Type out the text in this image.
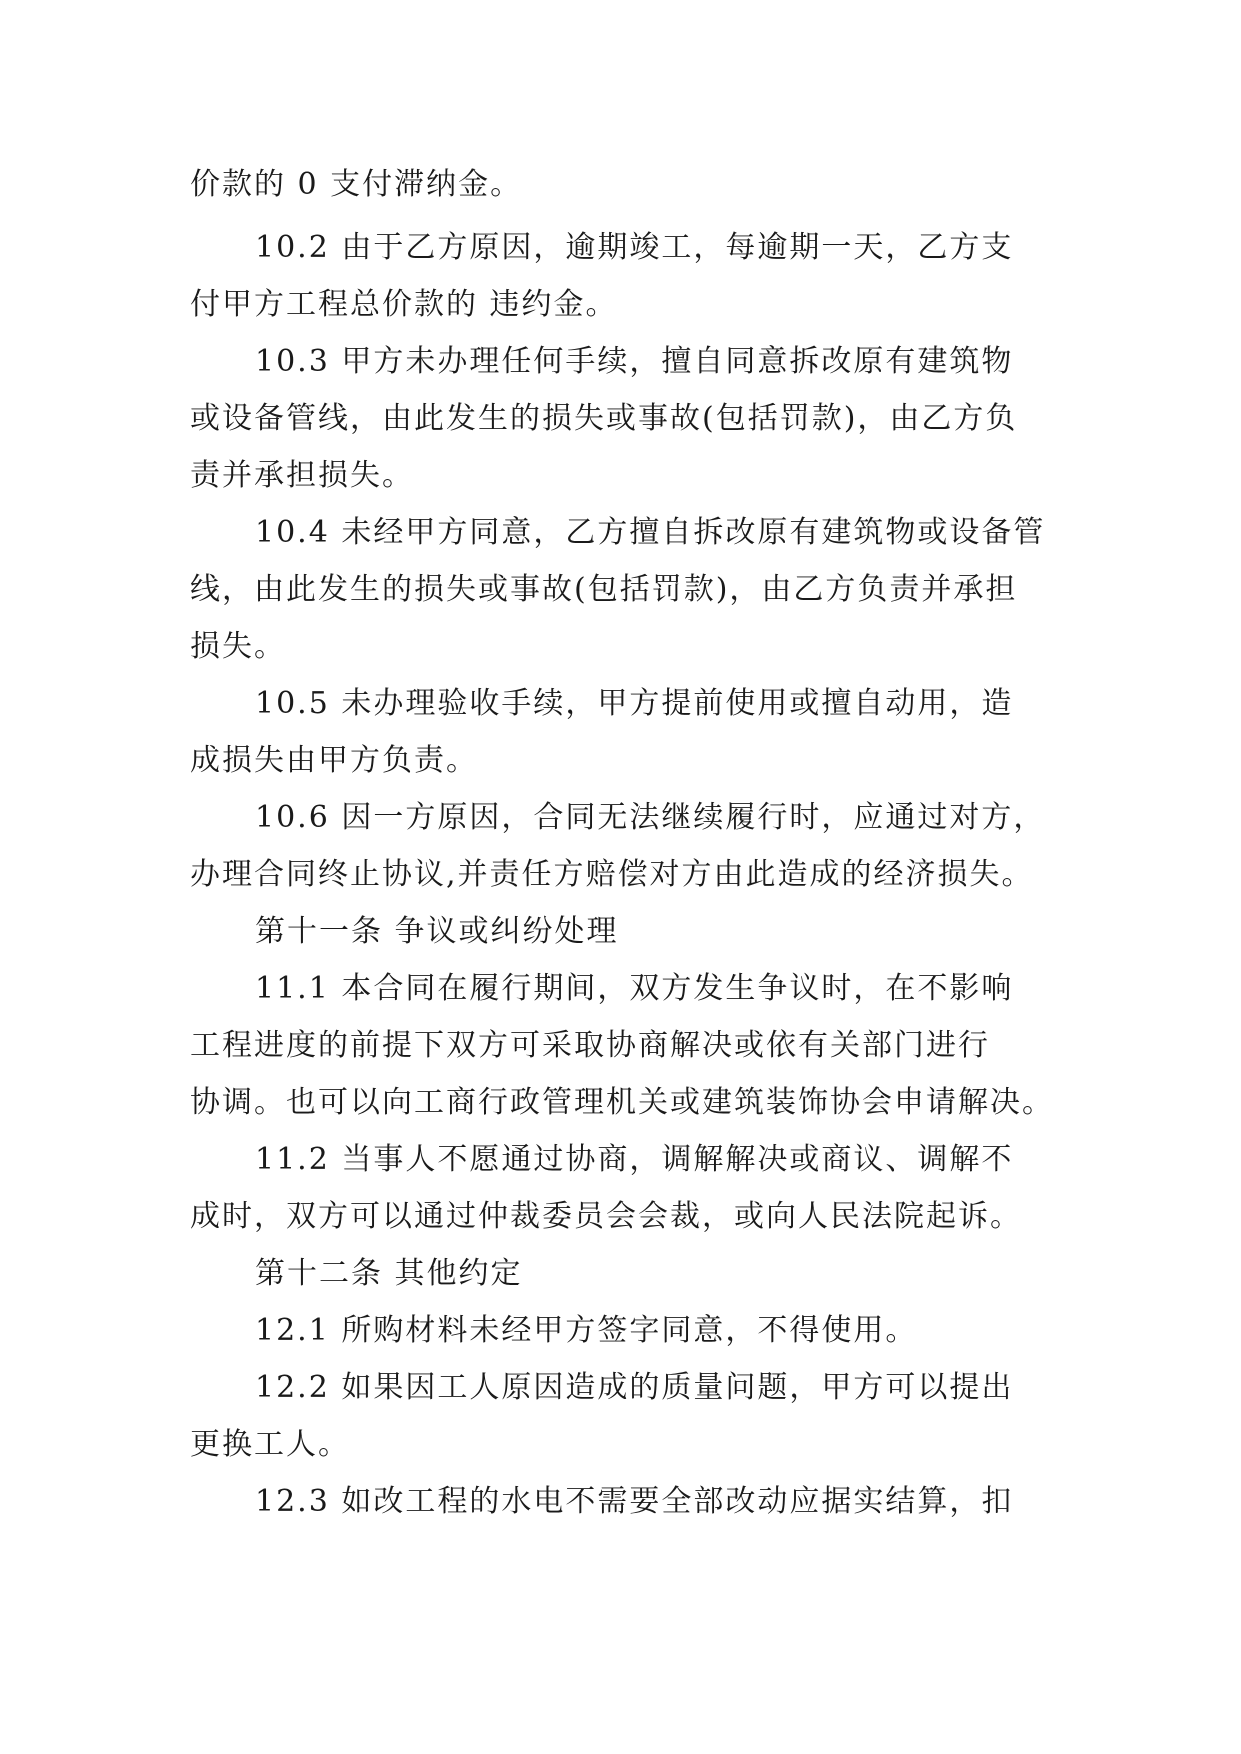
价款的 0 支付滞纳金。
10.2 由于乙方原因，逾期竣工，每逾期一天，乙方支
付甲方工程总价款的 违约金。
10.3 甲方未办理任何手续，擅自同意拆改原有建筑物
或设备管线，由此发生的损失或事故(包括罚款)，由乙方负
责并承担损失。
10.4 未经甲方同意，乙方擅自拆改原有建筑物或设备管
线，由此发生的损失或事故(包括罚款)，由乙方负责并承担
损失。
10.5 未办理验收手续，甲方提前使用或擅自动用，造
成损失由甲方负责。
10.6 因一方原因，合同无法继续履行时，应通过对方，
办理合同终止协议,并责任方赔偿对方由此造成的经济损失。
第十一条 争议或纠纷处理
11.1 本合同在履行期间，双方发生争议时，在不影响
工程进度的前提下双方可采取协商解决或依有关部门进行
协调。也可以向工商行政管理机关或建筑装饰协会申请解决。
11.2 当事人不愿通过协商，调解解决或商议、调解不
成时，双方可以通过仲裁委员会会裁，或向人民法院起诉。
第十二条 其他约定
12.1 所购材料未经甲方签字同意，不得使用。
12.2 如果因工人原因造成的质量问题，甲方可以提出
更换工人。
12.3 如改工程的水电不需要全部改动应据实结算，扣
